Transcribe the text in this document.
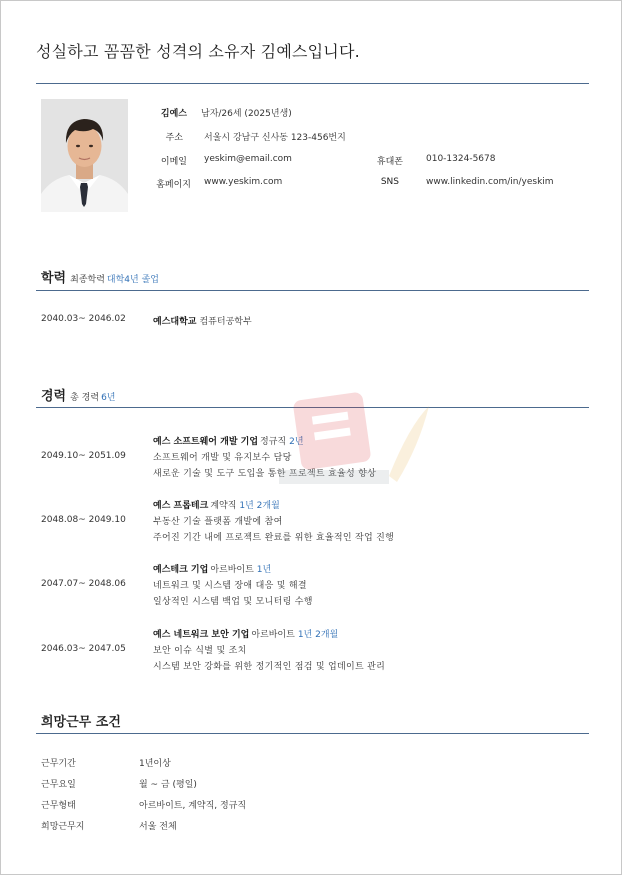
성실하고 꼼꼼한 성격의 소유자 김예스입니다.
김예스 남자/26세 (2025년생)
주소 서울시 강남구 신사동 123-456번지
이메일 yeskim@email.com	휴대폰	010-1324-5678
홈페이지 www.yeskim.com	SNS	www.linkedin.com/in/yeskim
학력 최종학력 대학4년 졸업
2040.03~ 2046.02	예스대학교 컴퓨터공학부
경력 총 경력 6년
예스 소프트웨어 개발 기업 정규직 2년
2049.10~ 2051.09	소프트웨어 개발 및 유지보수 담당
새로운 기술 및 도구 도입을 통한 프로젝트 효율성 향상
예스 프롭테크 계약직 1년 2개월
2048.08~ 2049.10	부동산 기술 플랫폼 개발에 참여
주어진 기간 내에 프로젝트 완료를 위한 효율적인 작업 진행
예스테크 기업 아르바이트 1년
2047.07~ 2048.06	네트워크 및 시스템 장애 대응 및 해결
일상적인 시스템 백업 및 모니터링 수행
예스 네트워크 보안 기업 아르바이트 1년 2개월
2046.03~ 2047.05	보안 이슈 식별 및 조치
시스템 보안 강화를 위한 정기적인 점검 및 업데이트 관리
희망근무 조건
근무기간	1년이상
근무요일	월 ~ 금 (평일)
근무형태	아르바이트, 계약직, 정규직
희망근무지	서울 전체
